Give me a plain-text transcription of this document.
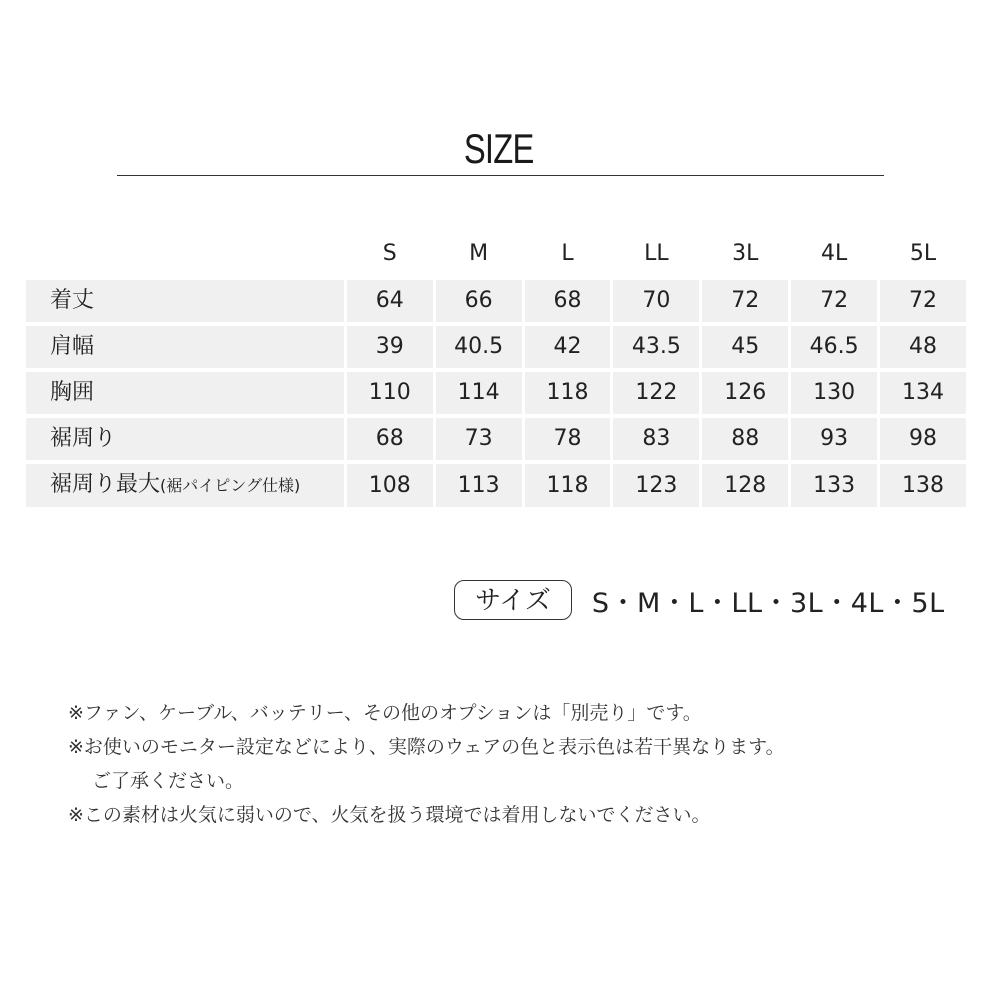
SIZE
	S	M	L	LL	3L	4L	5L
着丈	64	66	68	70	72	72	72
肩幅	39	40.5	42	43.5	45	46.5	48
胸囲	110	114	118	122	126	130	134
裾周り	68	73	78	83	88	93	98
裾周り最大(裾パイピング仕様)	108	113	118	123	128	133	138
サイズ	S・M・L・LL・3L・4L・5L
※ファン、ケーブル、バッテリー、その他のオプションは「別売り」です。
※お使いのモニター設定などにより、実際のウェアの色と表示色は若干異なります。
ご了承ください。
※この素材は火気に弱いので、火気を扱う環境では着用しないでください。
